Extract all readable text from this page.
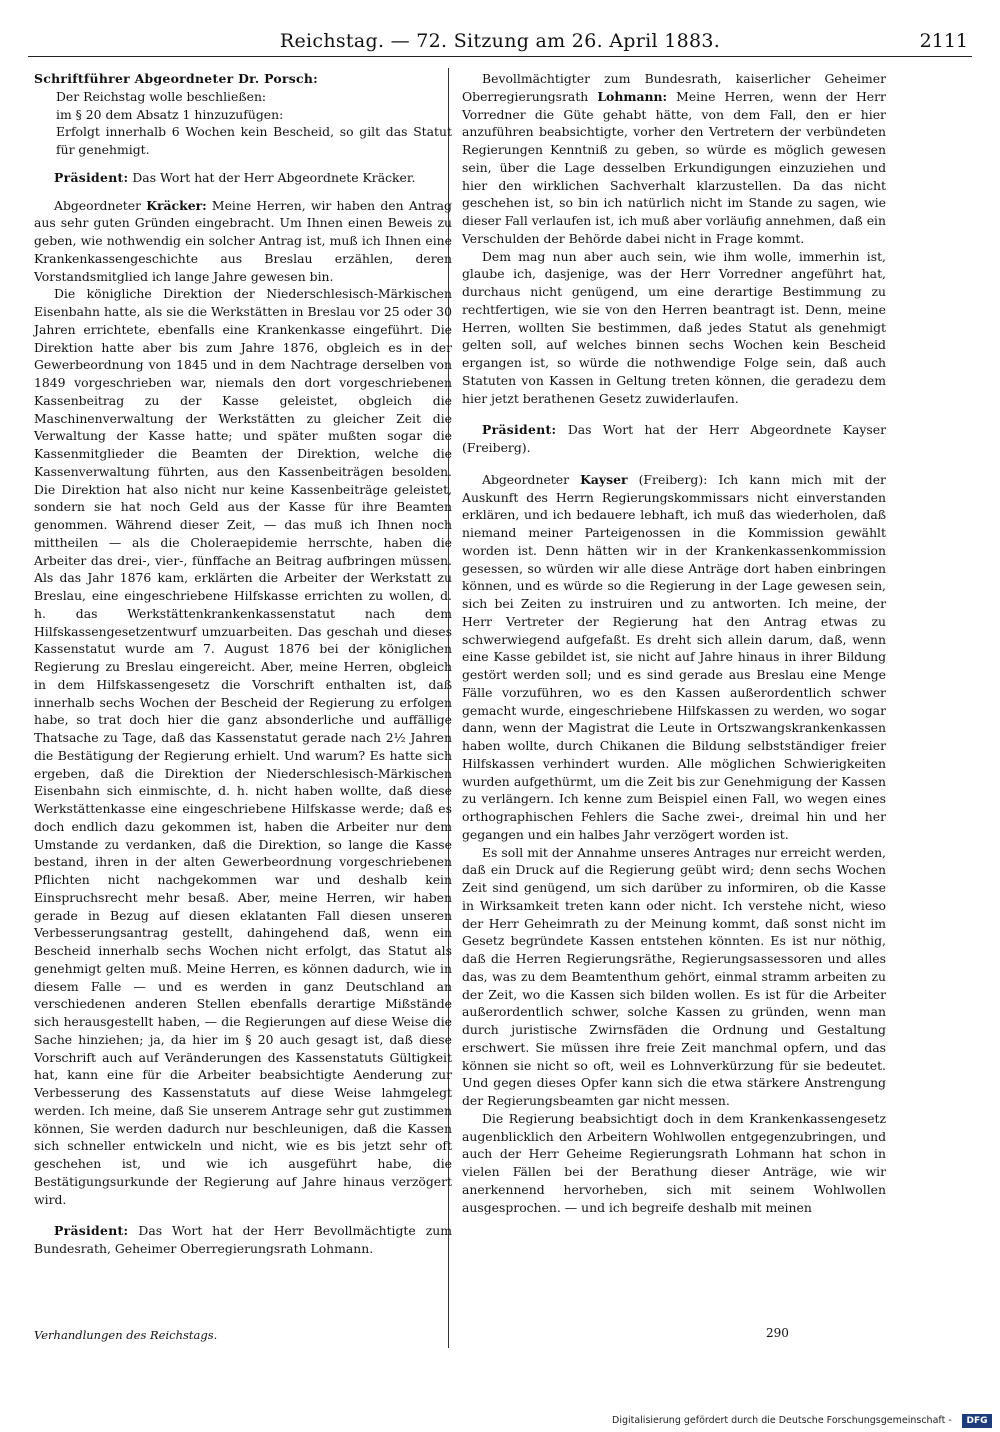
Reichstag. — 72. Sitzung am 26. April 1883.	2111

Schriftführer Abgeordneter Dr. Porsch:

Der Reichstag wolle beschließen:

im § 20 dem Absatz 1 hinzuzufügen:

Erfolgt innerhalb 6 Wochen kein Bescheid, so gilt das Statut für genehmigt.

Präsident: Das Wort hat der Herr Abgeordnete Kräcker.

Abgeordneter Kräcker: Meine Herren, wir haben den Antrag aus sehr guten Gründen eingebracht. Um Ihnen einen Beweis zu geben, wie nothwendig ein solcher Antrag ist, muß ich Ihnen eine Krankenkassengeschichte aus Breslau erzählen, deren Vorstandsmitglied ich lange Jahre gewesen bin.

Die königliche Direktion der Niederschlesisch-Märkischen Eisenbahn hatte, als sie die Werkstätten in Breslau vor 25 oder 30 Jahren errichtete, ebenfalls eine Krankenkasse eingeführt. Die Direktion hatte aber bis zum Jahre 1876, obgleich es in der Gewerbeordnung von 1845 und in dem Nachtrage derselben von 1849 vorgeschrieben war, niemals den dort vorgeschriebenen Kassenbeitrag zu der Kasse geleistet, obgleich die Maschinenverwaltung der Werkstätten zu gleicher Zeit die Verwaltung der Kasse hatte; und später mußten sogar die Kassenmitglieder die Beamten der Direktion, welche die Kassenverwaltung führten, aus den Kassenbeiträgen besolden. Die Direktion hat also nicht nur keine Kassenbeiträge geleistet, sondern sie hat noch Geld aus der Kasse für ihre Beamten genommen. Während dieser Zeit, — das muß ich Ihnen noch mittheilen — als die Choleraepidemie herrschte, haben die Arbeiter das drei-, vier-, fünffache an Beitrag aufbringen müssen. Als das Jahr 1876 kam, erklärten die Arbeiter der Werkstatt zu Breslau, eine eingeschriebene Hilfskasse errichten zu wollen, d. h. das Werkstättenkrankenkassenstatut nach dem Hilfskassengesetzentwurf umzuarbeiten. Das geschah und dieses Kassenstatut wurde am 7. August 1876 bei der königlichen Regierung zu Breslau eingereicht. Aber, meine Herren, obgleich in dem Hilfskassengesetz die Vorschrift enthalten ist, daß innerhalb sechs Wochen der Bescheid der Regierung zu erfolgen habe, so trat doch hier die ganz absonderliche und auffällige Thatsache zu Tage, daß das Kassenstatut gerade nach 2½ Jahren die Bestätigung der Regierung erhielt. Und warum? Es hatte sich ergeben, daß die Direktion der Niederschlesisch-Märkischen Eisenbahn sich einmischte, d. h. nicht haben wollte, daß diese Werkstättenkasse eine eingeschriebene Hilfskasse werde; daß es doch endlich dazu gekommen ist, haben die Arbeiter nur dem Umstande zu verdanken, daß die Direktion, so lange die Kasse bestand, ihren in der alten Gewerbeordnung vorgeschriebenen Pflichten nicht nachgekommen war und deshalb kein Einspruchsrecht mehr besaß. Aber, meine Herren, wir haben gerade in Bezug auf diesen eklatanten Fall diesen unseren Verbesserungsantrag gestellt, dahingehend daß, wenn ein Bescheid innerhalb sechs Wochen nicht erfolgt, das Statut als genehmigt gelten muß. Meine Herren, es können dadurch, wie in diesem Falle — und es werden in ganz Deutschland an verschiedenen anderen Stellen ebenfalls derartige Mißstände sich herausgestellt haben, — die Regierungen auf diese Weise die Sache hinziehen; ja, da hier im § 20 auch gesagt ist, daß diese Vorschrift auch auf Veränderungen des Kassenstatuts Gültigkeit hat, kann eine für die Arbeiter beabsichtigte Aenderung zur Verbesserung des Kassenstatuts auf diese Weise lahmgelegt werden. Ich meine, daß Sie unserem Antrage sehr gut zustimmen können, Sie werden dadurch nur beschleunigen, daß die Kassen sich schneller entwickeln und nicht, wie es bis jetzt sehr oft geschehen ist, und wie ich ausgeführt habe, die Bestätigungsurkunde der Regierung auf Jahre hinaus verzögert wird.

Präsident: Das Wort hat der Herr Bevollmächtigte zum Bundesrath, Geheimer Oberregierungsrath Lohmann.

Bevollmächtigter zum Bundesrath, kaiserlicher Geheimer Oberregierungsrath Lohmann: Meine Herren, wenn der Herr Vorredner die Güte gehabt hätte, von dem Fall, den er hier anzuführen beabsichtigte, vorher den Vertretern der verbündeten Regierungen Kenntniß zu geben, so würde es möglich gewesen sein, über die Lage desselben Erkundigungen einzuziehen und hier den wirklichen Sachverhalt klarzustellen. Da das nicht geschehen ist, so bin ich natürlich nicht im Stande zu sagen, wie dieser Fall verlaufen ist, ich muß aber vorläufig annehmen, daß ein Verschulden der Behörde dabei nicht in Frage kommt.

Dem mag nun aber auch sein, wie ihm wolle, immerhin ist, glaube ich, dasjenige, was der Herr Vorredner angeführt hat, durchaus nicht genügend, um eine derartige Bestimmung zu rechtfertigen, wie sie von den Herren beantragt ist. Denn, meine Herren, wollten Sie bestimmen, daß jedes Statut als genehmigt gelten soll, auf welches binnen sechs Wochen kein Bescheid ergangen ist, so würde die nothwendige Folge sein, daß auch Statuten von Kassen in Geltung treten können, die geradezu dem hier jetzt berathenen Gesetz zuwiderlaufen.

Präsident: Das Wort hat der Herr Abgeordnete Kayser (Freiberg).

Abgeordneter Kayser (Freiberg): Ich kann mich mit der Auskunft des Herrn Regierungskommissars nicht einverstanden erklären, und ich bedauere lebhaft, ich muß das wiederholen, daß niemand meiner Parteigenossen in die Kommission gewählt worden ist. Denn hätten wir in der Krankenkassenkommission gesessen, so würden wir alle diese Anträge dort haben einbringen können, und es würde so die Regierung in der Lage gewesen sein, sich bei Zeiten zu instruiren und zu antworten. Ich meine, der Herr Vertreter der Regierung hat den Antrag etwas zu schwerwiegend aufgefaßt. Es dreht sich allein darum, daß, wenn eine Kasse gebildet ist, sie nicht auf Jahre hinaus in ihrer Bildung gestört werden soll; und es sind gerade aus Breslau eine Menge Fälle vorzuführen, wo es den Kassen außerordentlich schwer gemacht wurde, eingeschriebene Hilfskassen zu werden, wo sogar dann, wenn der Magistrat die Leute in Ortszwangskrankenkassen haben wollte, durch Chikanen die Bildung selbstständiger freier Hilfskassen verhindert wurden. Alle möglichen Schwierigkeiten wurden aufgethürmt, um die Zeit bis zur Genehmigung der Kassen zu verlängern. Ich kenne zum Beispiel einen Fall, wo wegen eines orthographischen Fehlers die Sache zwei-, dreimal hin und her gegangen und ein halbes Jahr verzögert worden ist.

Es soll mit der Annahme unseres Antrages nur erreicht werden, daß ein Druck auf die Regierung geübt wird; denn sechs Wochen Zeit sind genügend, um sich darüber zu informiren, ob die Kasse in Wirksamkeit treten kann oder nicht. Ich verstehe nicht, wieso der Herr Geheimrath zu der Meinung kommt, daß sonst nicht im Gesetz begründete Kassen entstehen könnten. Es ist nur nöthig, daß die Herren Regierungsräthe, Regierungsassessoren und alles das, was zu dem Beamtenthum gehört, einmal stramm arbeiten zu der Zeit, wo die Kassen sich bilden wollen. Es ist für die Arbeiter außerordentlich schwer, solche Kassen zu gründen, wenn man durch juristische Zwirnsfäden die Ordnung und Gestaltung erschwert. Sie müssen ihre freie Zeit manchmal opfern, und das können sie nicht so oft, weil es Lohnverkürzung für sie bedeutet. Und gegen dieses Opfer kann sich die etwa stärkere Anstrengung der Regierungsbeamten gar nicht messen.

Die Regierung beabsichtigt doch in dem Krankenkassengesetz augenblicklich den Arbeitern Wohlwollen entgegenzubringen, und auch der Herr Geheime Regierungsrath Lohmann hat schon in vielen Fällen bei der Berathung dieser Anträge, wie wir anerkennend hervorheben, sich mit seinem Wohlwollen ausgesprochen. — und ich begreife deshalb mit meinen

Verhandlungen des Reichstags.	290
Digitalisierung gefördert durch die Deutsche Forschungsgemeinschaft -	DFG
